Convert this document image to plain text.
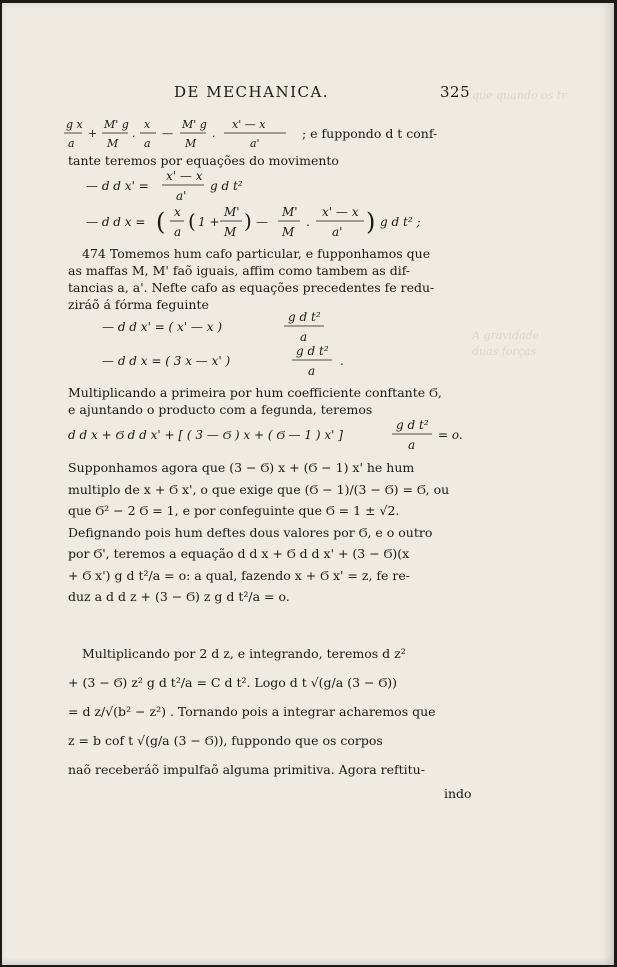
que quando os tr
A gravidade
duas forças
DE MECHANICA.	325
g x
a
+
M' g
M
.
x
a
—
M' g
M
.
x' — x
a'
; e fuppondo d t conf-
tante teremos por equações do movimento
— d d x' =
x' — x
a'
g d t²
— d d x = ( x
a ( 1 +
M'
M ) —
M'
M
.
x' — x
a' ) g d t² ;
474 Tomemos hum cafo particular, e fupponhamos que
as maffas M, M' faõ iguais, affim como tambem as dif-
tancias a, a'. Nefte cafo as equações precedentes fe redu-
ziráõ á fórma feguinte
— d d x' = ( x' — x )
g d t²
a
— d d x = ( 3 x — x' )
g d t²
a
.
Multiplicando a primeira por hum coefficiente conftante Ϭ,
e ajuntando o producto com a fegunda, teremos
d d x + Ϭ d d x' + [ ( 3 — Ϭ ) x + ( Ϭ — 1 ) x' ]
g d t²
a
= o.
Supponhamos agora que (3 − Ϭ) x + (Ϭ − 1) x' he hum
multiplo de x + Ϭ x', o que exige que (Ϭ − 1)/(3 − Ϭ) = Ϭ, ou
que Ϭ² − 2 Ϭ = 1, e por confeguinte que Ϭ = 1 ± √2.
Defignando pois hum deftes dous valores por Ϭ, e o outro
por Ϭ', teremos a equação d d x + Ϭ d d x' + (3 − Ϭ)(x
+ Ϭ x') g d t²/a = o: a qual, fazendo x + Ϭ x' = z, fe re-
duz a d d z + (3 − Ϭ) z g d t²/a = o.
Multiplicando por 2 d z, e integrando, teremos d z²
+ (3 − Ϭ) z² g d t²/a = C d t². Logo d t √(g/a (3 − Ϭ))
= d z/√(b² − z²) . Tornando pois a integrar acharemos que
z = b cof t √(g/a (3 − Ϭ)), fuppondo que os corpos
naõ receberáõ impulfaõ alguma primitiva. Agora reftitu-
indo
